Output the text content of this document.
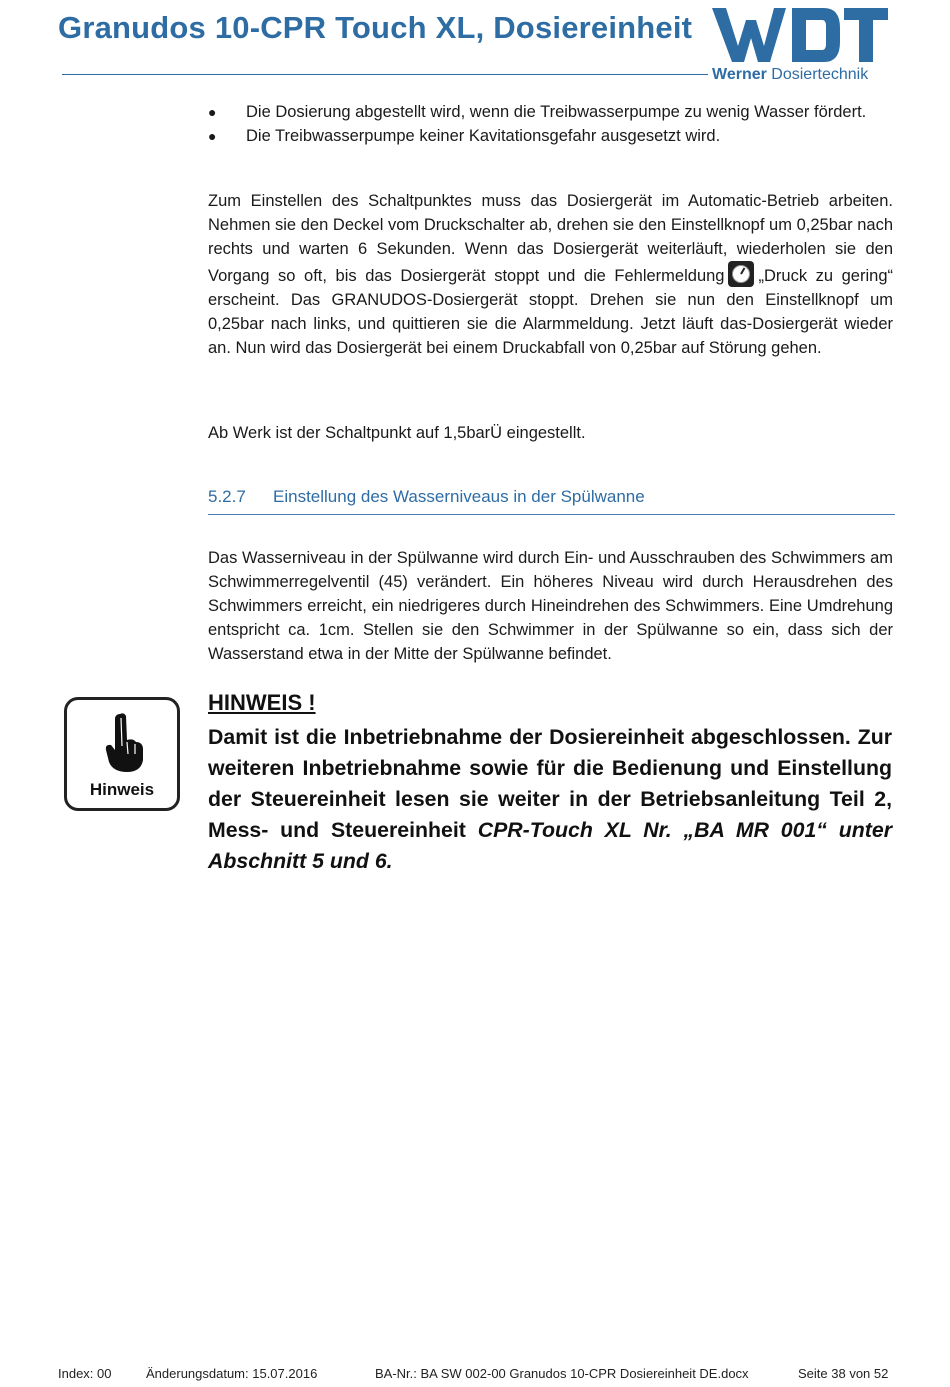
Granudos 10-CPR Touch XL, Dosiereinheit
Werner Dosiertechnik
● Die Dosierung abgestellt wird, wenn die Treibwasserpumpe zu wenig Wasser fördert.
● Die Treibwasserpumpe keiner Kavitationsgefahr ausgesetzt wird.

Zum Einstellen des Schaltpunktes muss das Dosiergerät im Automatic-Betrieb arbeiten. Nehmen sie den Deckel vom Druckschalter ab, drehen sie den Einstellknopf um 0,25bar nach rechts und warten 6 Sekunden. Wenn das Dosiergerät weiterläuft, wiederholen sie den Vorgang so oft, bis das Dosiergerät stoppt und die Fehlermeldung „Druck zu gering“ erscheint. Das GRANUDOS-Dosiergerät stoppt. Drehen sie nun den Einstellknopf um 0,25bar nach links, und quittieren sie die Alarmmeldung. Jetzt läuft das-Dosiergerät wieder an. Nun wird das Dosiergerät bei einem Druckabfall von 0,25bar auf Störung gehen.

Ab Werk ist der Schaltpunkt auf 1,5barÜ eingestellt.

5.2.7 Einstellung des Wasserniveaus in der Spülwanne

Das Wasserniveau in der Spülwanne wird durch Ein- und Ausschrauben des Schwimmers am Schwimmerregelventil (45) verändert. Ein höheres Niveau wird durch Herausdrehen des Schwimmers erreicht, ein niedrigeres durch Hineindrehen des Schwimmers. Eine Umdrehung entspricht ca. 1cm. Stellen sie den Schwimmer in der Spülwanne so ein, dass sich der Wasserstand etwa in der Mitte der Spülwanne befindet.

Hinweis
HINWEIS !

Damit ist die Inbetriebnahme der Dosiereinheit abgeschlossen. Zur weiteren Inbetriebnahme sowie für die Bedienung und Einstellung der Steuereinheit lesen sie weiter in der Betriebsanleitung Teil 2, Mess- und Steuereinheit CPR-Touch XL Nr. „BA MR 001“ unter Abschnitt 5 und 6.

Index: 00	Änderungsdatum: 15.07.2016	BA-Nr.: BA SW 002-00 Granudos 10-CPR Dosiereinheit DE.docx	Seite 38 von 52
